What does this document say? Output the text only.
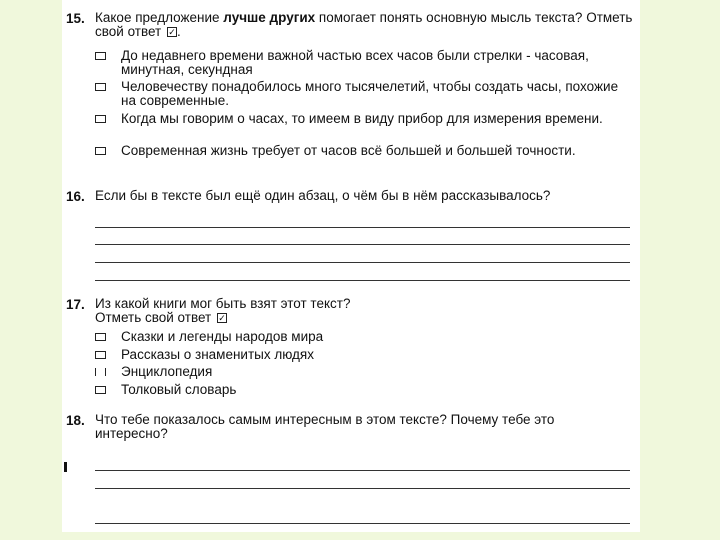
15. Какое предложение лучше других помогает понять основную мысль текста? Отметь свой ответ ✓.
До недавнего времени важной частью всех часов были стрелки - часовая, минутная, секундная
Человечеству понадобилось много тысячелетий, чтобы создать часы, похожие на современные.
Когда мы говорим о часах, то имеем в виду прибор для измерения времени.
Современная жизнь требует от часов всё большей и большей точности.
16. Если бы в тексте был ещё один абзац, о чём бы в нём рассказывалось?
17. Из какой книги мог быть взят этот текст?
Отметь свой ответ ✓
Сказки и легенды народов мира
Рассказы о знаменитых людях
Энциклопедия
Толковый словарь
18. Что тебе показалось самым интересным в этом тексте? Почему тебе это интересно?
